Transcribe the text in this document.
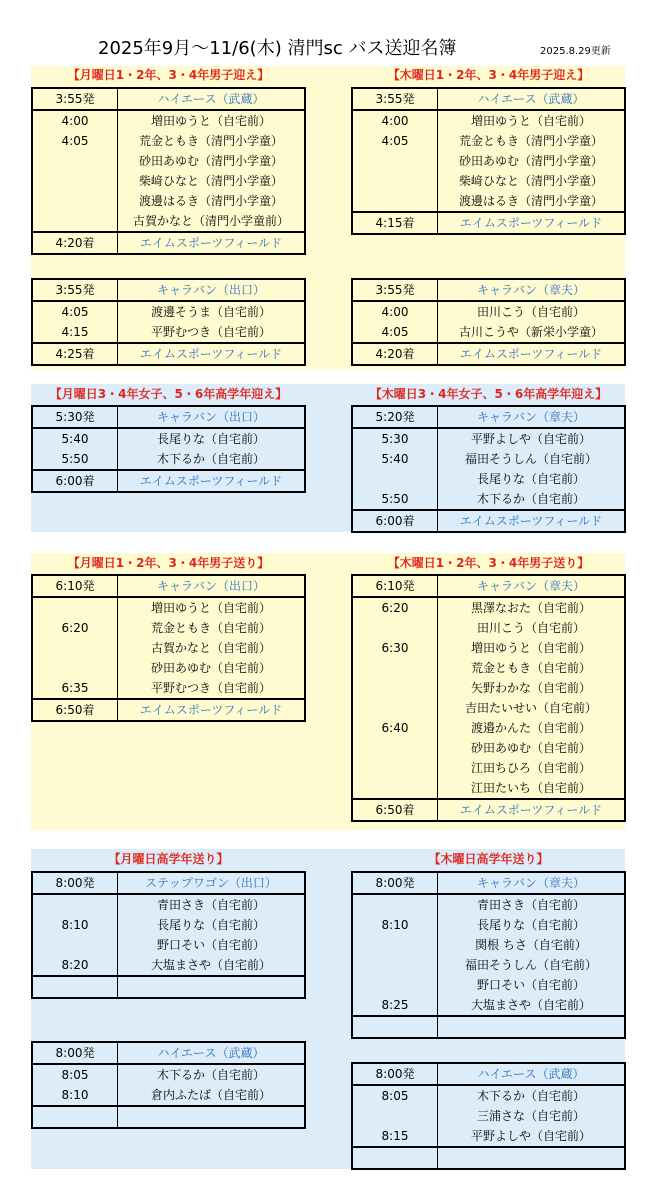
2025年9月～11/6(木) 清門sc バス送迎名簿	2025.8.29更新
【月曜日1・2年、3・4年男子迎え】	【木曜日1・2年、3・4年男子迎え】
【月曜日3・4年女子、5・6年高学年迎え】	【木曜日3・4年女子、5・6年高学年迎え】
【月曜日1・2年、3・4年男子送り】	【木曜日1・2年、3・4年男子送り】
【月曜日高学年送り】	【木曜日高学年送り】
3:55発	ハイエース（武蔵）
4:00	増田ゆうと（自宅前）
4:05	荒金ともき（清門小学童）
	砂田あゆむ（清門小学童）
	柴﨑ひなと（清門小学童）
	渡邊はるき（清門小学童）
	古賀かなと（清門小学童前）
4:20着	エイムスポーツフィールド
3:55発	ハイエース（武蔵）
4:00	増田ゆうと（自宅前）
4:05	荒金ともき（清門小学童）
	砂田あゆむ（清門小学童）
	柴﨑ひなと（清門小学童）
	渡邊はるき（清門小学童）
4:15着	エイムスポーツフィールド
3:55発	キャラバン（出口）
4:05	渡邊そうま（自宅前）
4:15	平野むつき（自宅前）
4:25着	エイムスポーツフィールド
3:55発	キャラバン（章夫）
4:00	田川こう（自宅前）
4:05	古川こうや（新栄小学童）
4:20着	エイムスポーツフィールド
5:30発	キャラバン（出口）
5:40	長尾りな（自宅前）
5:50	木下るか（自宅前）
6:00着	エイムスポーツフィールド
5:20発	キャラバン（章夫）
5:30	平野よしや（自宅前）
5:40	福田そうしん（自宅前）
	長尾りな（自宅前）
5:50	木下るか（自宅前）
6:00着	エイムスポーツフィールド
6:10発	キャラバン（出口）
	増田ゆうと（自宅前）
6:20	荒金ともき（自宅前）
	古賀かなと（自宅前）
	砂田あゆむ（自宅前）
6:35	平野むつき（自宅前）
6:50着	エイムスポーツフィールド
6:10発	キャラバン（章夫）
6:20	黒澤なおた（自宅前）
	田川こう（自宅前）
6:30	増田ゆうと（自宅前）
	荒金ともき（自宅前）
	矢野わかな（自宅前）
	吉田たいせい（自宅前）
6:40	渡邉かんた（自宅前）
	砂田あゆむ（自宅前）
	江田ちひろ（自宅前）
	江田たいち（自宅前）
6:50着	エイムスポーツフィールド
8:00発	ステップワゴン（出口）
	青田さき（自宅前）
8:10	長尾りな（自宅前）
	野口そい（自宅前）
8:20	大塩まさや（自宅前）

8:00発	キャラバン（章夫）
	青田さき（自宅前）
8:10	長尾りな（自宅前）
	関根 ちさ（自宅前）
	福田そうしん（自宅前）
	野口そい（自宅前）
8:25	大塩まさや（自宅前）

8:00発	ハイエース（武蔵）
8:05	木下るか（自宅前）
8:10	倉内ふたば（自宅前）

8:00発	ハイエース（武蔵）
8:05	木下るか（自宅前）
	三浦さな（自宅前）
8:15	平野よしや（自宅前）
